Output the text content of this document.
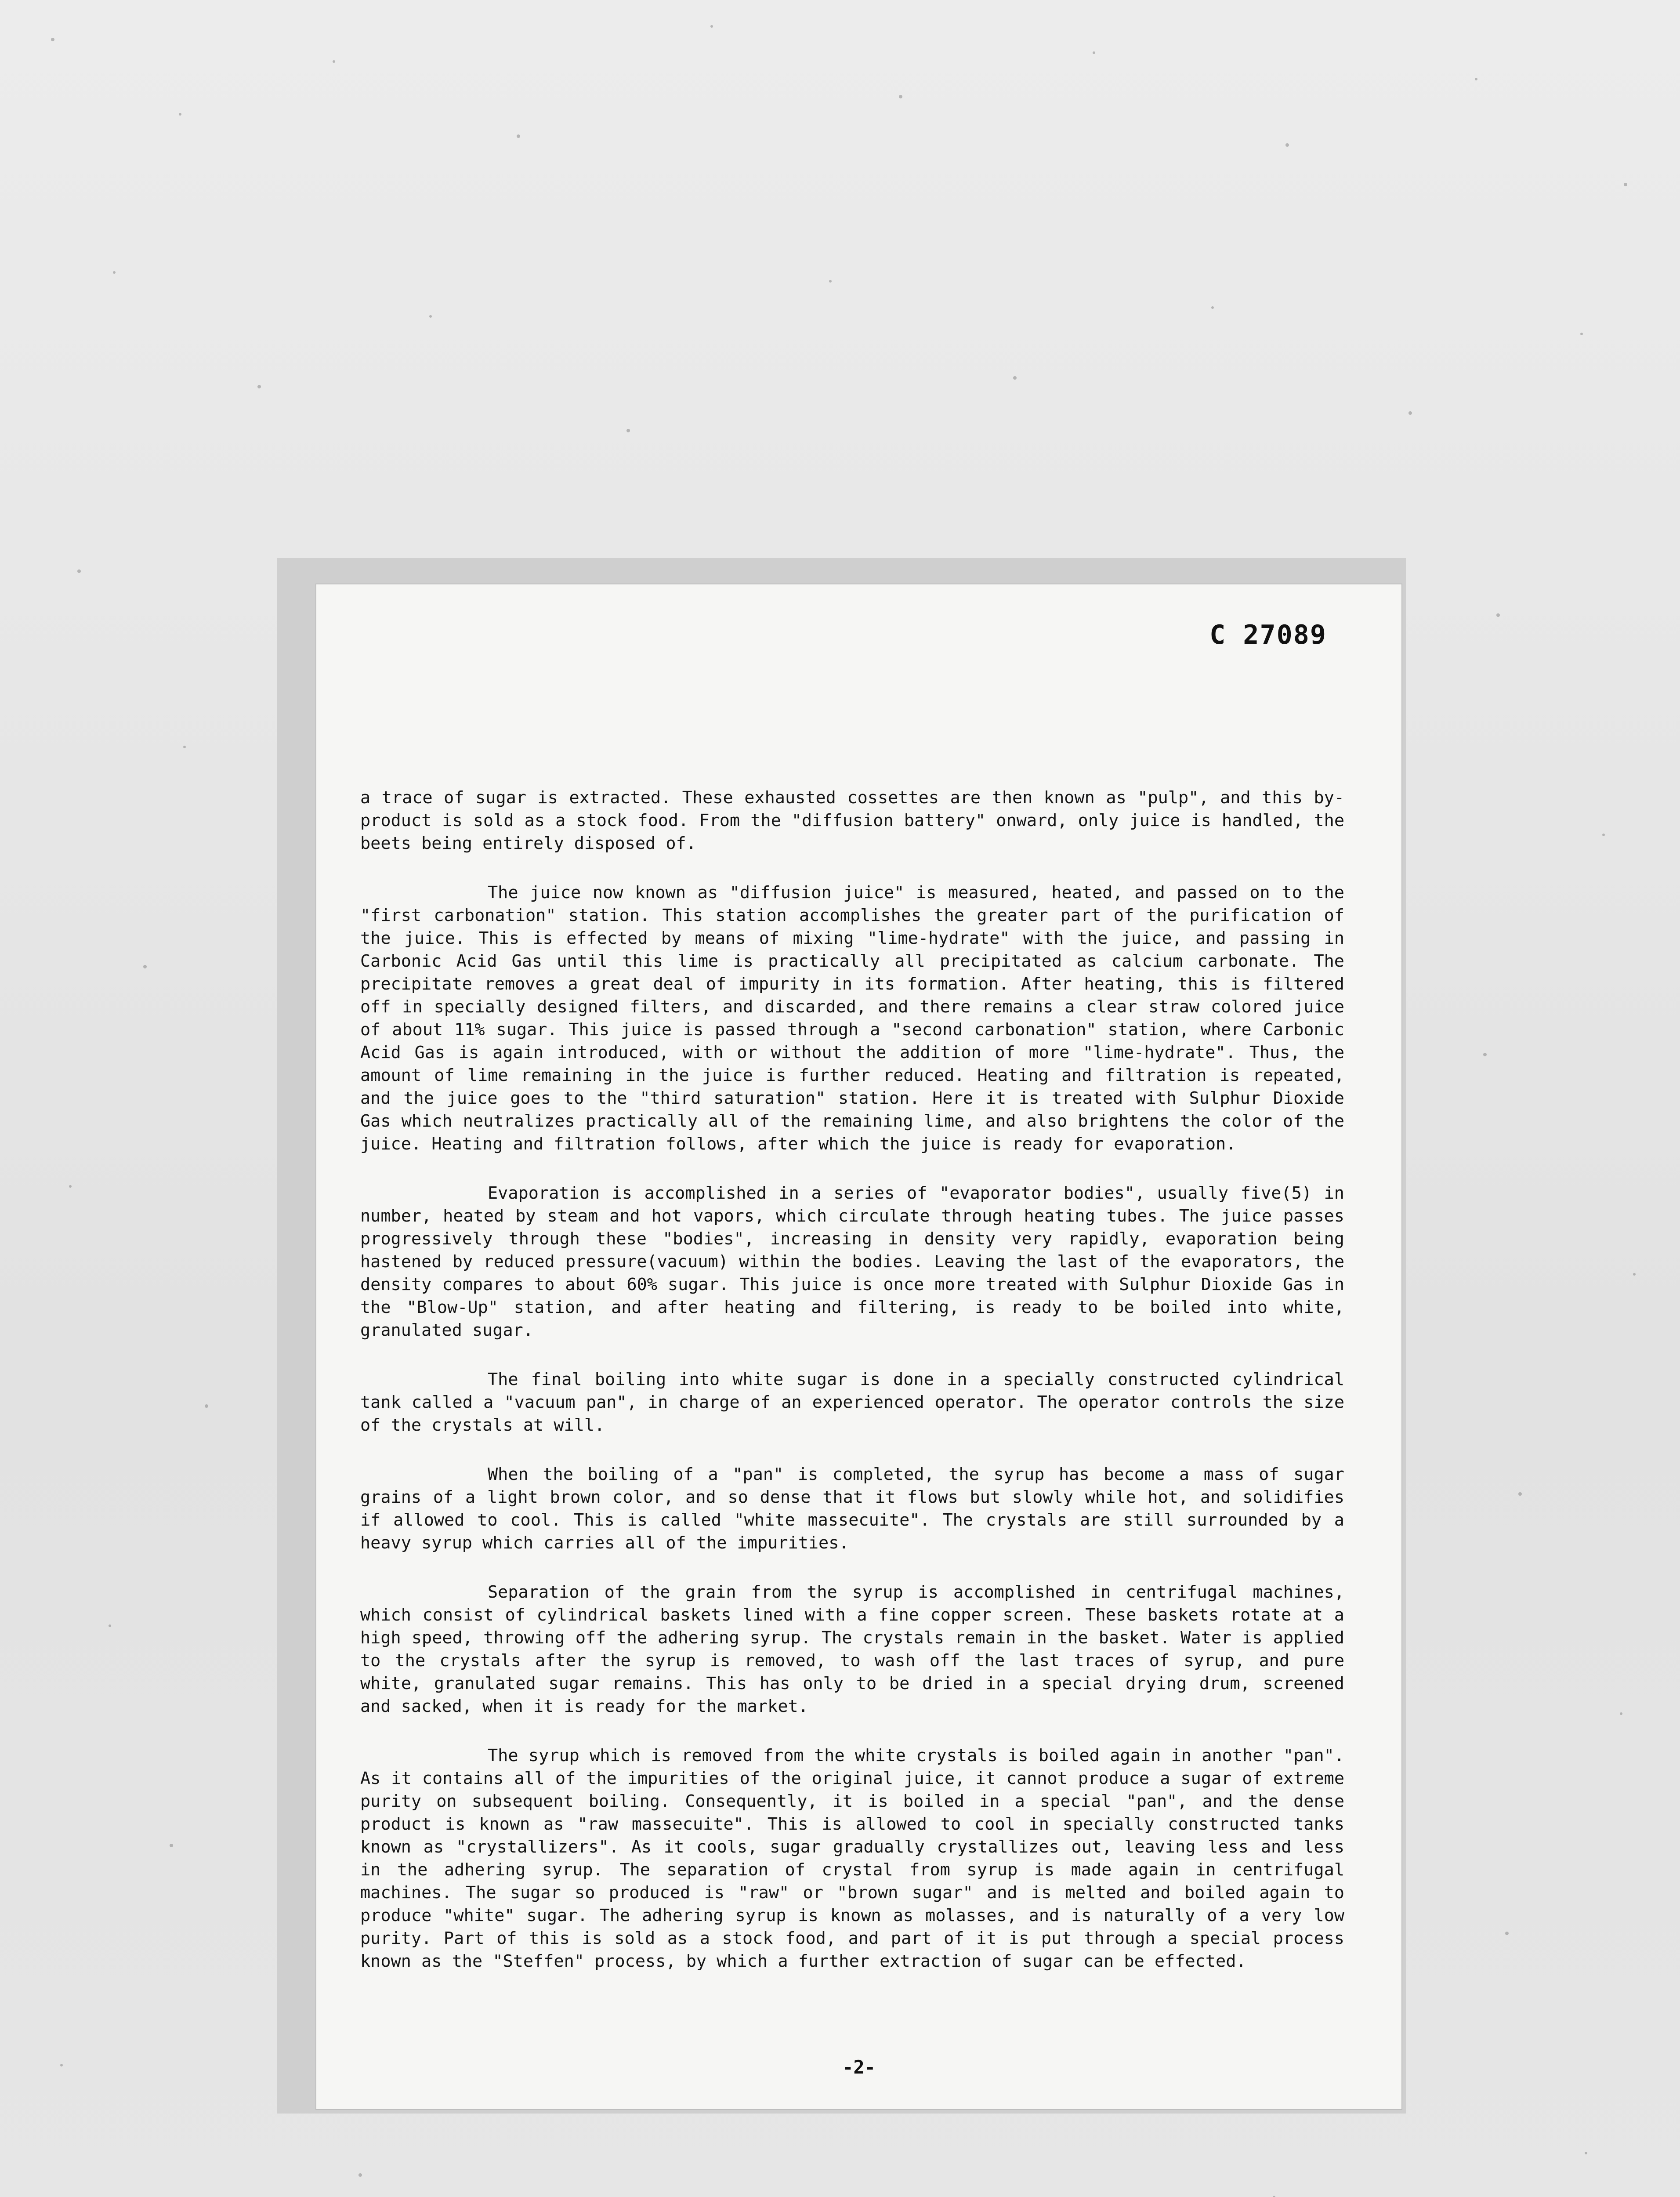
C 27089

a trace of sugar is extracted. These exhausted cossettes are then known as "pulp", and this by-product is sold as a stock food. From the "diffusion battery" onward, only juice is handled, the beets being entirely disposed of.

The juice now known as "diffusion juice" is measured, heated, and passed on to the "first carbonation" station. This station accomplishes the greater part of the purification of the juice. This is effected by means of mixing "lime-hydrate" with the juice, and passing in Carbonic Acid Gas until this lime is practically all precipitated as calcium carbonate. The precipitate removes a great deal of impurity in its formation. After heating, this is filtered off in specially designed filters, and discarded, and there remains a clear straw colored juice of about 11% sugar. This juice is passed through a "second carbonation" station, where Carbonic Acid Gas is again introduced, with or without the addition of more "lime-hydrate". Thus, the amount of lime remaining in the juice is further reduced. Heating and filtration is repeated, and the juice goes to the "third saturation" station. Here it is treated with Sulphur Dioxide Gas which neutralizes practically all of the remaining lime, and also brightens the color of the juice. Heating and filtration follows, after which the juice is ready for evaporation.

Evaporation is accomplished in a series of "evaporator bodies", usually five(5) in number, heated by steam and hot vapors, which circulate through heating tubes. The juice passes progressively through these "bodies", increasing in density very rapidly, evaporation being hastened by reduced pressure(vacuum) within the bodies. Leaving the last of the evaporators, the density compares to about 60% sugar. This juice is once more treated with Sulphur Dioxide Gas in the "Blow-Up" station, and after heating and filtering, is ready to be boiled into white, granulated sugar.

The final boiling into white sugar is done in a specially constructed cylindrical tank called a "vacuum pan", in charge of an experienced operator. The operator controls the size of the crystals at will.

When the boiling of a "pan" is completed, the syrup has become a mass of sugar grains of a light brown color, and so dense that it flows but slowly while hot, and solidifies if allowed to cool. This is called "white massecuite". The crystals are still surrounded by a heavy syrup which carries all of the impurities.

Separation of the grain from the syrup is accomplished in centrifugal machines, which consist of cylindrical baskets lined with a fine copper screen. These baskets rotate at a high speed, throwing off the adhering syrup. The crystals remain in the basket. Water is applied to the crystals after the syrup is removed, to wash off the last traces of syrup, and pure white, granulated sugar remains. This has only to be dried in a special drying drum, screened and sacked, when it is ready for the market.

The syrup which is removed from the white crystals is boiled again in another "pan". As it contains all of the impurities of the original juice, it cannot produce a sugar of extreme purity on subsequent boiling. Consequently, it is boiled in a special "pan", and the dense product is known as "raw massecuite". This is allowed to cool in specially constructed tanks known as "crystallizers". As it cools, sugar gradually crystallizes out, leaving less and less in the adhering syrup. The separation of crystal from syrup is made again in centrifugal machines. The sugar so produced is "raw" or "brown sugar" and is melted and boiled again to produce "white" sugar. The adhering syrup is known as molasses, and is naturally of a very low purity. Part of this is sold as a stock food, and part of it is put through a special process known as the "Steffen" process, by which a further extraction of sugar can be effected.

-2-
